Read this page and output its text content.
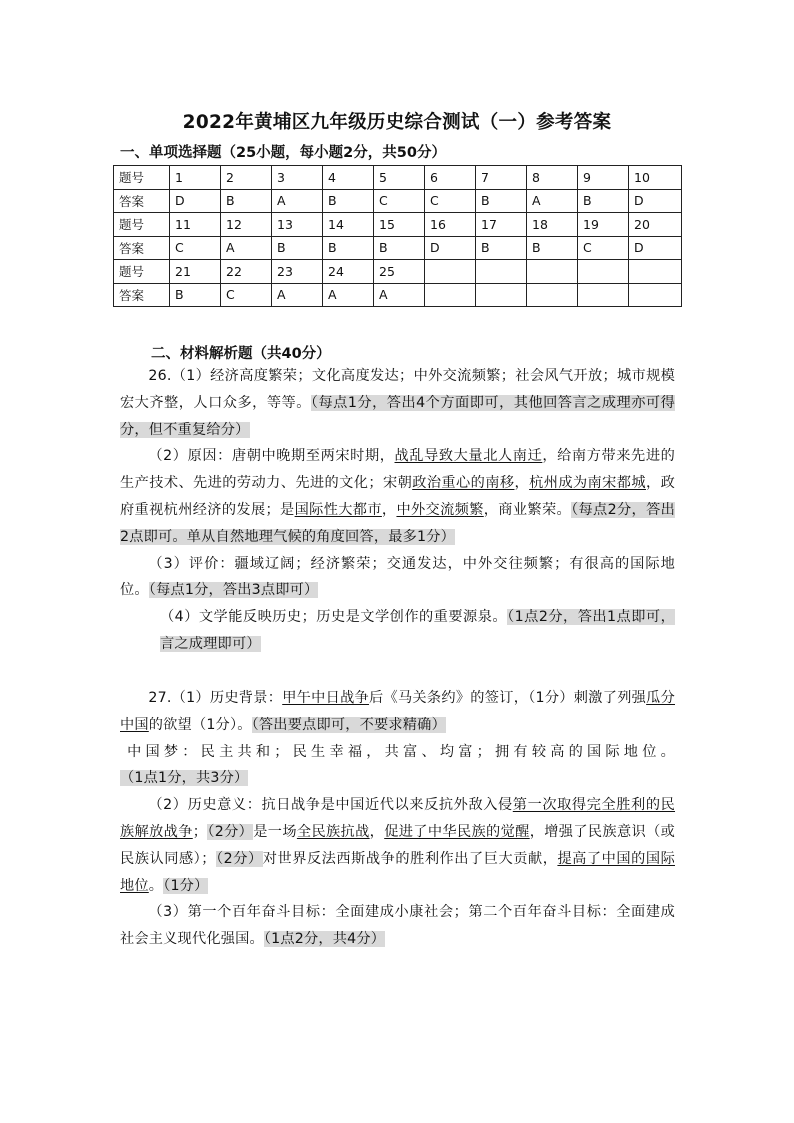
2022年黄埔区九年级历史综合测试（一）参考答案
一、单项选择题（25小题，每小题2分，共50分）
题号	1	2	3	4	5	6	7	8	9	10
答案	D	B	A	B	C	C	B	A	B	D
题号	11	12	13	14	15	16	17	18	19	20
答案	C	A	B	B	B	D	B	B	C	D
题号	21	22	23	24	25					
答案	B	C	A	A	A					
二、材料解析题（共40分）

26.（1）经济高度繁荣；文化高度发达；中外交流频繁；社会风气开放；城市规模宏大齐整，人口众多，等等。（每点1分，答出4个方面即可，其他回答言之成理亦可得分，但不重复给分）

（2）原因：唐朝中晚期至两宋时期，战乱导致大量北人南迁，给南方带来先进的生产技术、先进的劳动力、先进的文化；宋朝政治重心的南移，杭州成为南宋都城，政府重视杭州经济的发展；是国际性大都市，中外交流频繁，商业繁荣。（每点2分，答出2点即可。单从自然地理气候的角度回答，最多1分）

（3）评价：疆域辽阔；经济繁荣；交通发达，中外交往频繁；有很高的国际地位。（每点1分，答出3点即可）

（4）文学能反映历史；历史是文学创作的重要源泉。（1点2分，答出1点即可，言之成理即可）

27.（1）历史背景：甲午中日战争后《马关条约》的签订，（1分）刺激了列强瓜分中国的欲望（1分）。（答出要点即可，不要求精确）

中国梦：民主共和；民生幸福，共富、均富；拥有较高的国际地位。（1点1分，共3分）

（2）历史意义：抗日战争是中国近代以来反抗外敌入侵第一次取得完全胜利的民族解放战争；（2分）是一场全民族抗战，促进了中华民族的觉醒，增强了民族意识（或民族认同感）；（2分）对世界反法西斯战争的胜利作出了巨大贡献，提高了中国的国际地位。（1分）

（3）第一个百年奋斗目标：全面建成小康社会；第二个百年奋斗目标：全面建成社会主义现代化强国。（1点2分，共4分）
